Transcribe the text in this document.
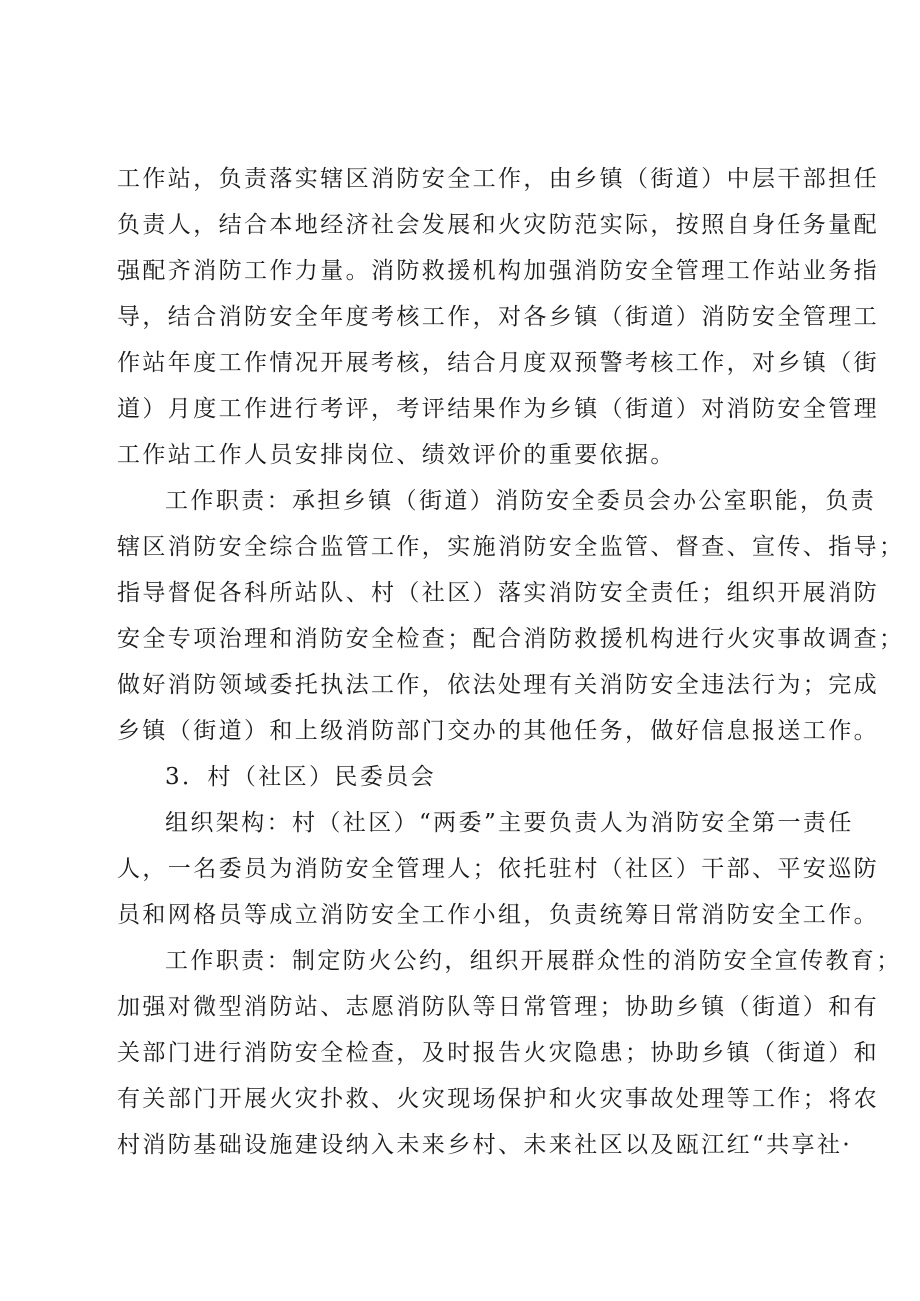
工作站，负责落实辖区消防安全工作，由乡镇（街道）中层干部担任
负责人，结合本地经济社会发展和火灾防范实际，按照自身任务量配
强配齐消防工作力量。消防救援机构加强消防安全管理工作站业务指
导，结合消防安全年度考核工作，对各乡镇（街道）消防安全管理工
作站年度工作情况开展考核，结合月度双预警考核工作，对乡镇（街
道）月度工作进行考评，考评结果作为乡镇（街道）对消防安全管理
工作站工作人员安排岗位、绩效评价的重要依据。
工作职责：承担乡镇（街道）消防安全委员会办公室职能，负责
辖区消防安全综合监管工作，实施消防安全监管、督查、宣传、指导；
指导督促各科所站队、村（社区）落实消防安全责任；组织开展消防
安全专项治理和消防安全检查；配合消防救援机构进行火灾事故调查；
做好消防领域委托执法工作，依法处理有关消防安全违法行为；完成
乡镇（街道）和上级消防部门交办的其他任务，做好信息报送工作。
3．村（社区）民委员会
组织架构：村（社区）“两委”主要负责人为消防安全第一责任
人，一名委员为消防安全管理人；依托驻村（社区）干部、平安巡防
员和网格员等成立消防安全工作小组，负责统筹日常消防安全工作。
工作职责：制定防火公约，组织开展群众性的消防安全宣传教育；
加强对微型消防站、志愿消防队等日常管理；协助乡镇（街道）和有
关部门进行消防安全检查，及时报告火灾隐患；协助乡镇（街道）和
有关部门开展火灾扑救、火灾现场保护和火灾事故处理等工作；将农
村消防基础设施建设纳入未来乡村、未来社区以及瓯江红“共享社·
